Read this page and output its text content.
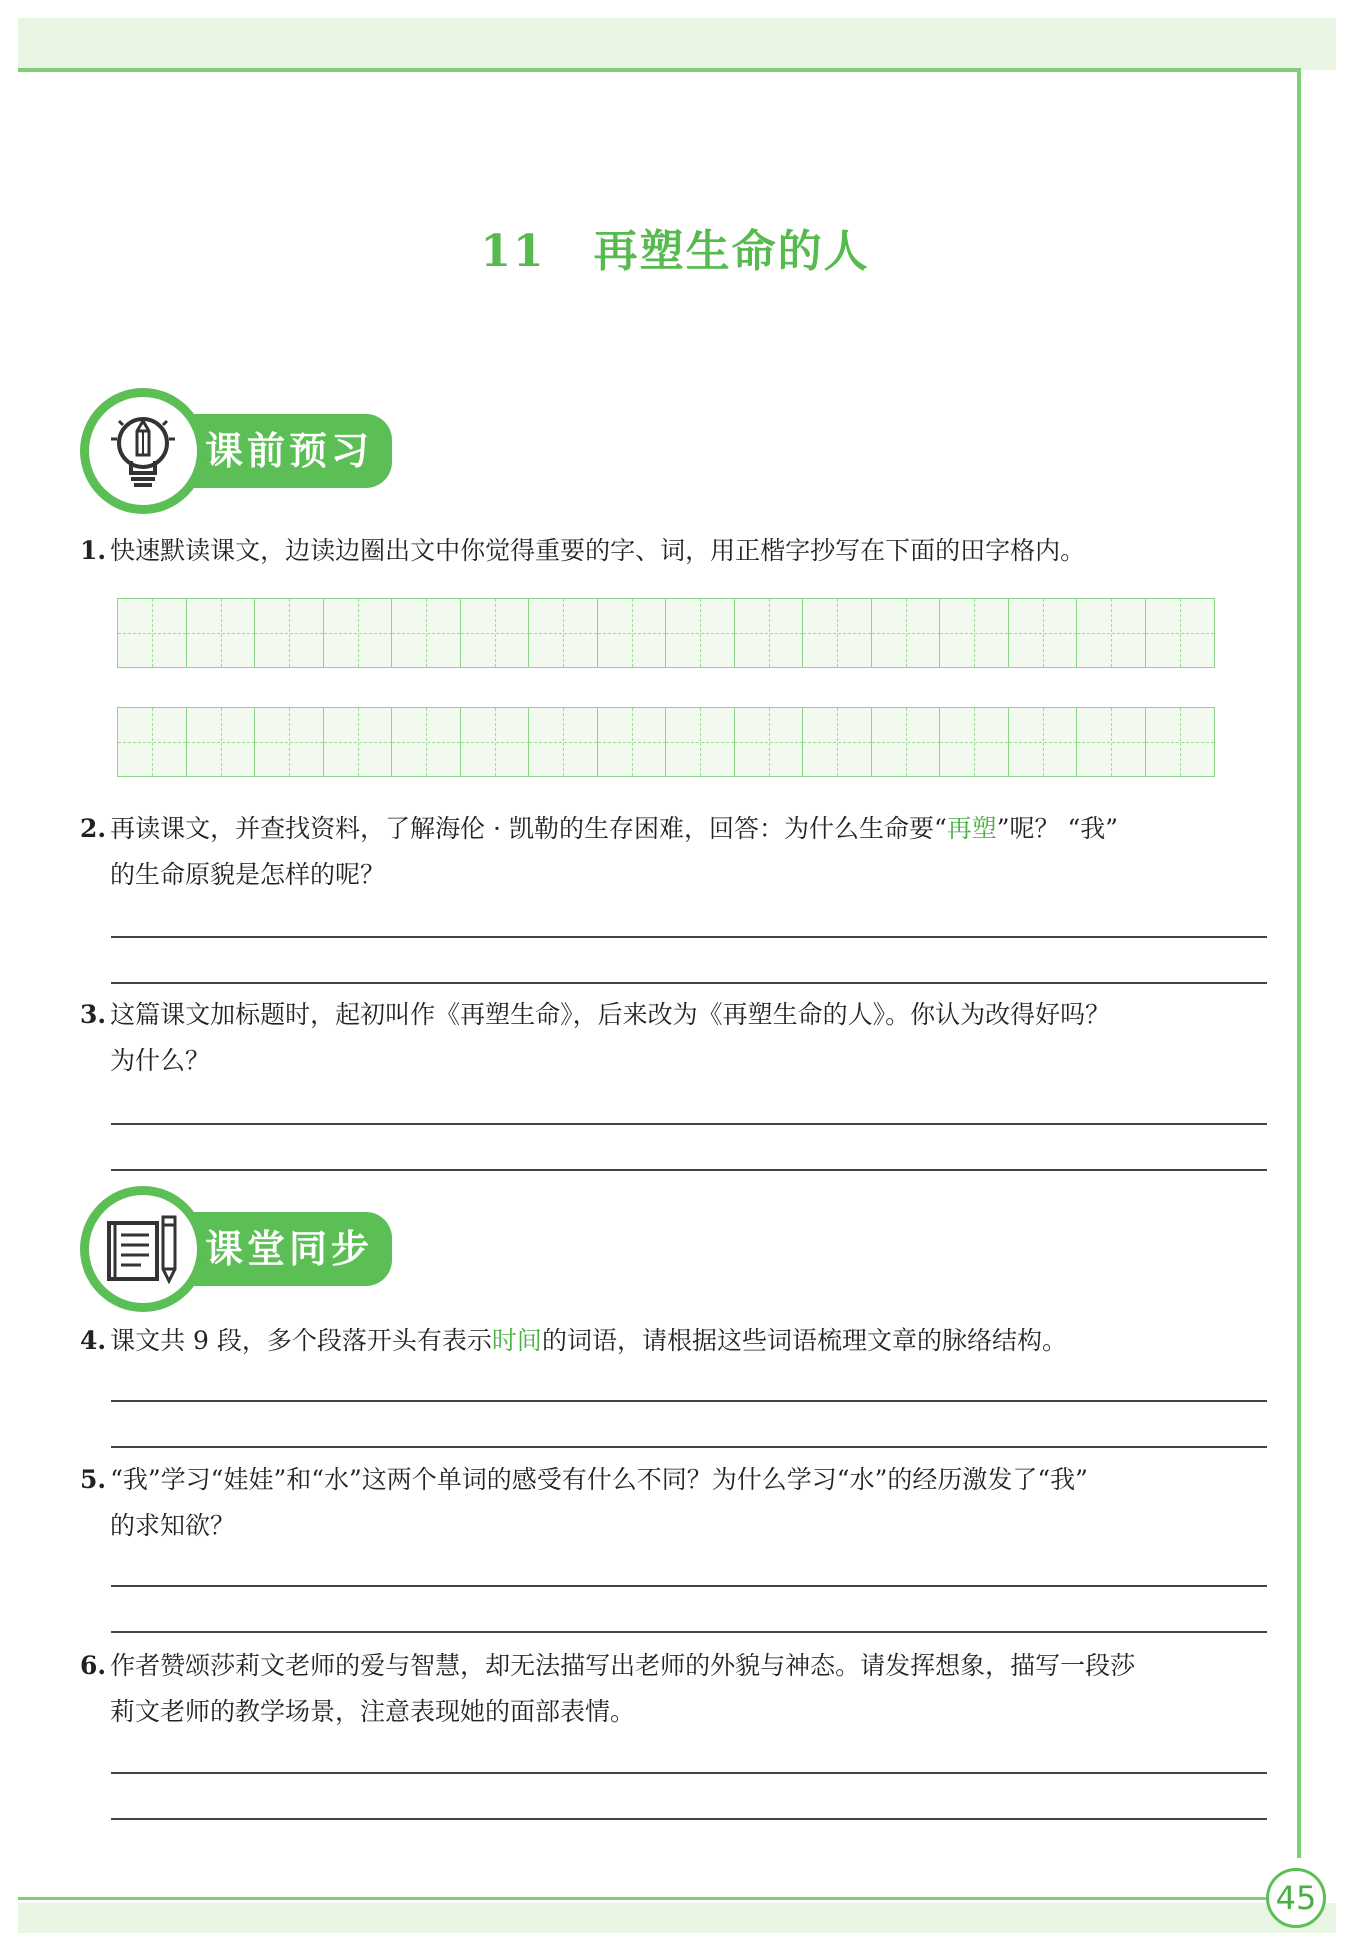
11 再塑生命的人
课前预习
1. 快速默读课文，边读边圈出文中你觉得重要的字、词，用正楷字抄写在下面的田字格内。
2. 再读课文，并查找资料，了解海伦 · 凯勒的生存困难，回答：为什么生命要“再塑”呢？ “我”
的生命原貌是怎样的呢？
3. 这篇课文加标题时，起初叫作《再塑生命》，后来改为《再塑生命的人》。你认为改得好吗？
为什么？
课堂同步
4. 课文共 9 段，多个段落开头有表示时间的词语，请根据这些词语梳理文章的脉络结构。
5. “我”学习“娃娃”和“水”这两个单词的感受有什么不同？为什么学习“水”的经历激发了“我”
的求知欲？
6. 作者赞颂莎莉文老师的爱与智慧，却无法描写出老师的外貌与神态。请发挥想象，描写一段莎
莉文老师的教学场景，注意表现她的面部表情。
45
